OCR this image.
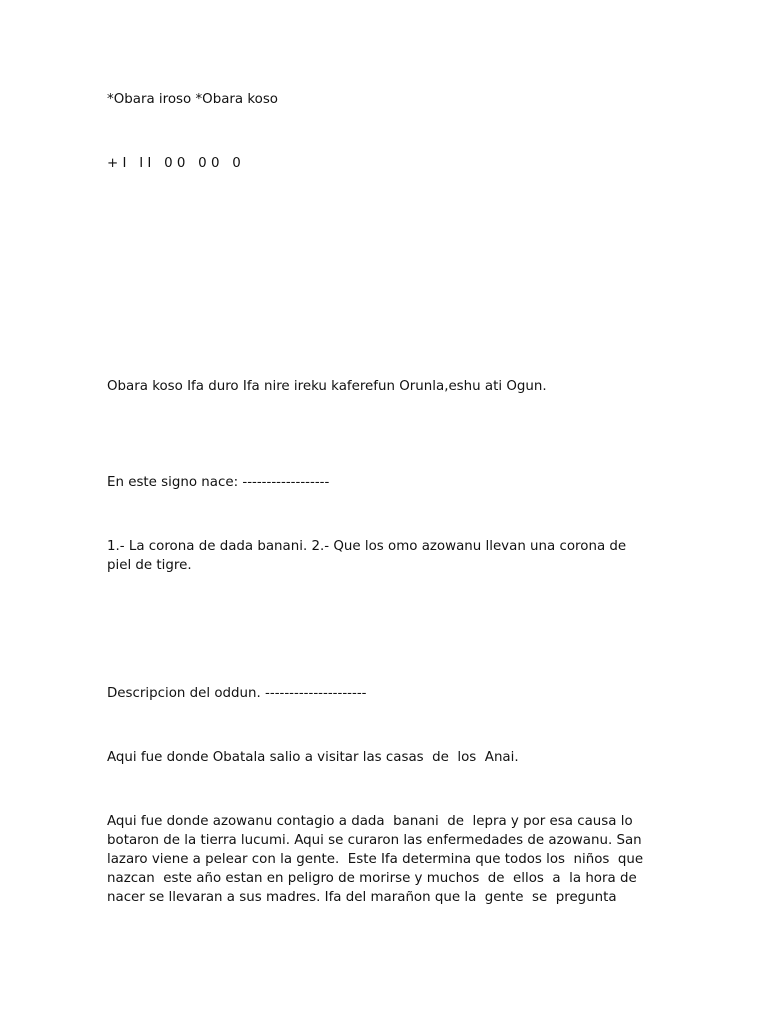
*Obara iroso *Obara koso

+ I   I I   0 0   0 0   0

Obara koso Ifa duro Ifa nire ireku kaferefun Orunla,eshu ati Ogun.

En este signo nace: ------------------

1.- La corona de dada banani. 2.- Que los omo azowanu llevan una corona de
piel de tigre.

Descripcion del oddun. ---------------------

Aqui fue donde Obatala salio a visitar las casas  de  los  Anai.

Aqui fue donde azowanu contagio a dada  banani  de  lepra y por esa causa lo
botaron de la tierra lucumi. Aqui se curaron las enfermedades de azowanu. San
lazaro viene a pelear con la gente.  Este Ifa determina que todos los  niños  que
nazcan  este año estan en peligro de morirse y muchos  de  ellos  a  la hora de
nacer se llevaran a sus madres. Ifa del marañon que la  gente  se  pregunta
